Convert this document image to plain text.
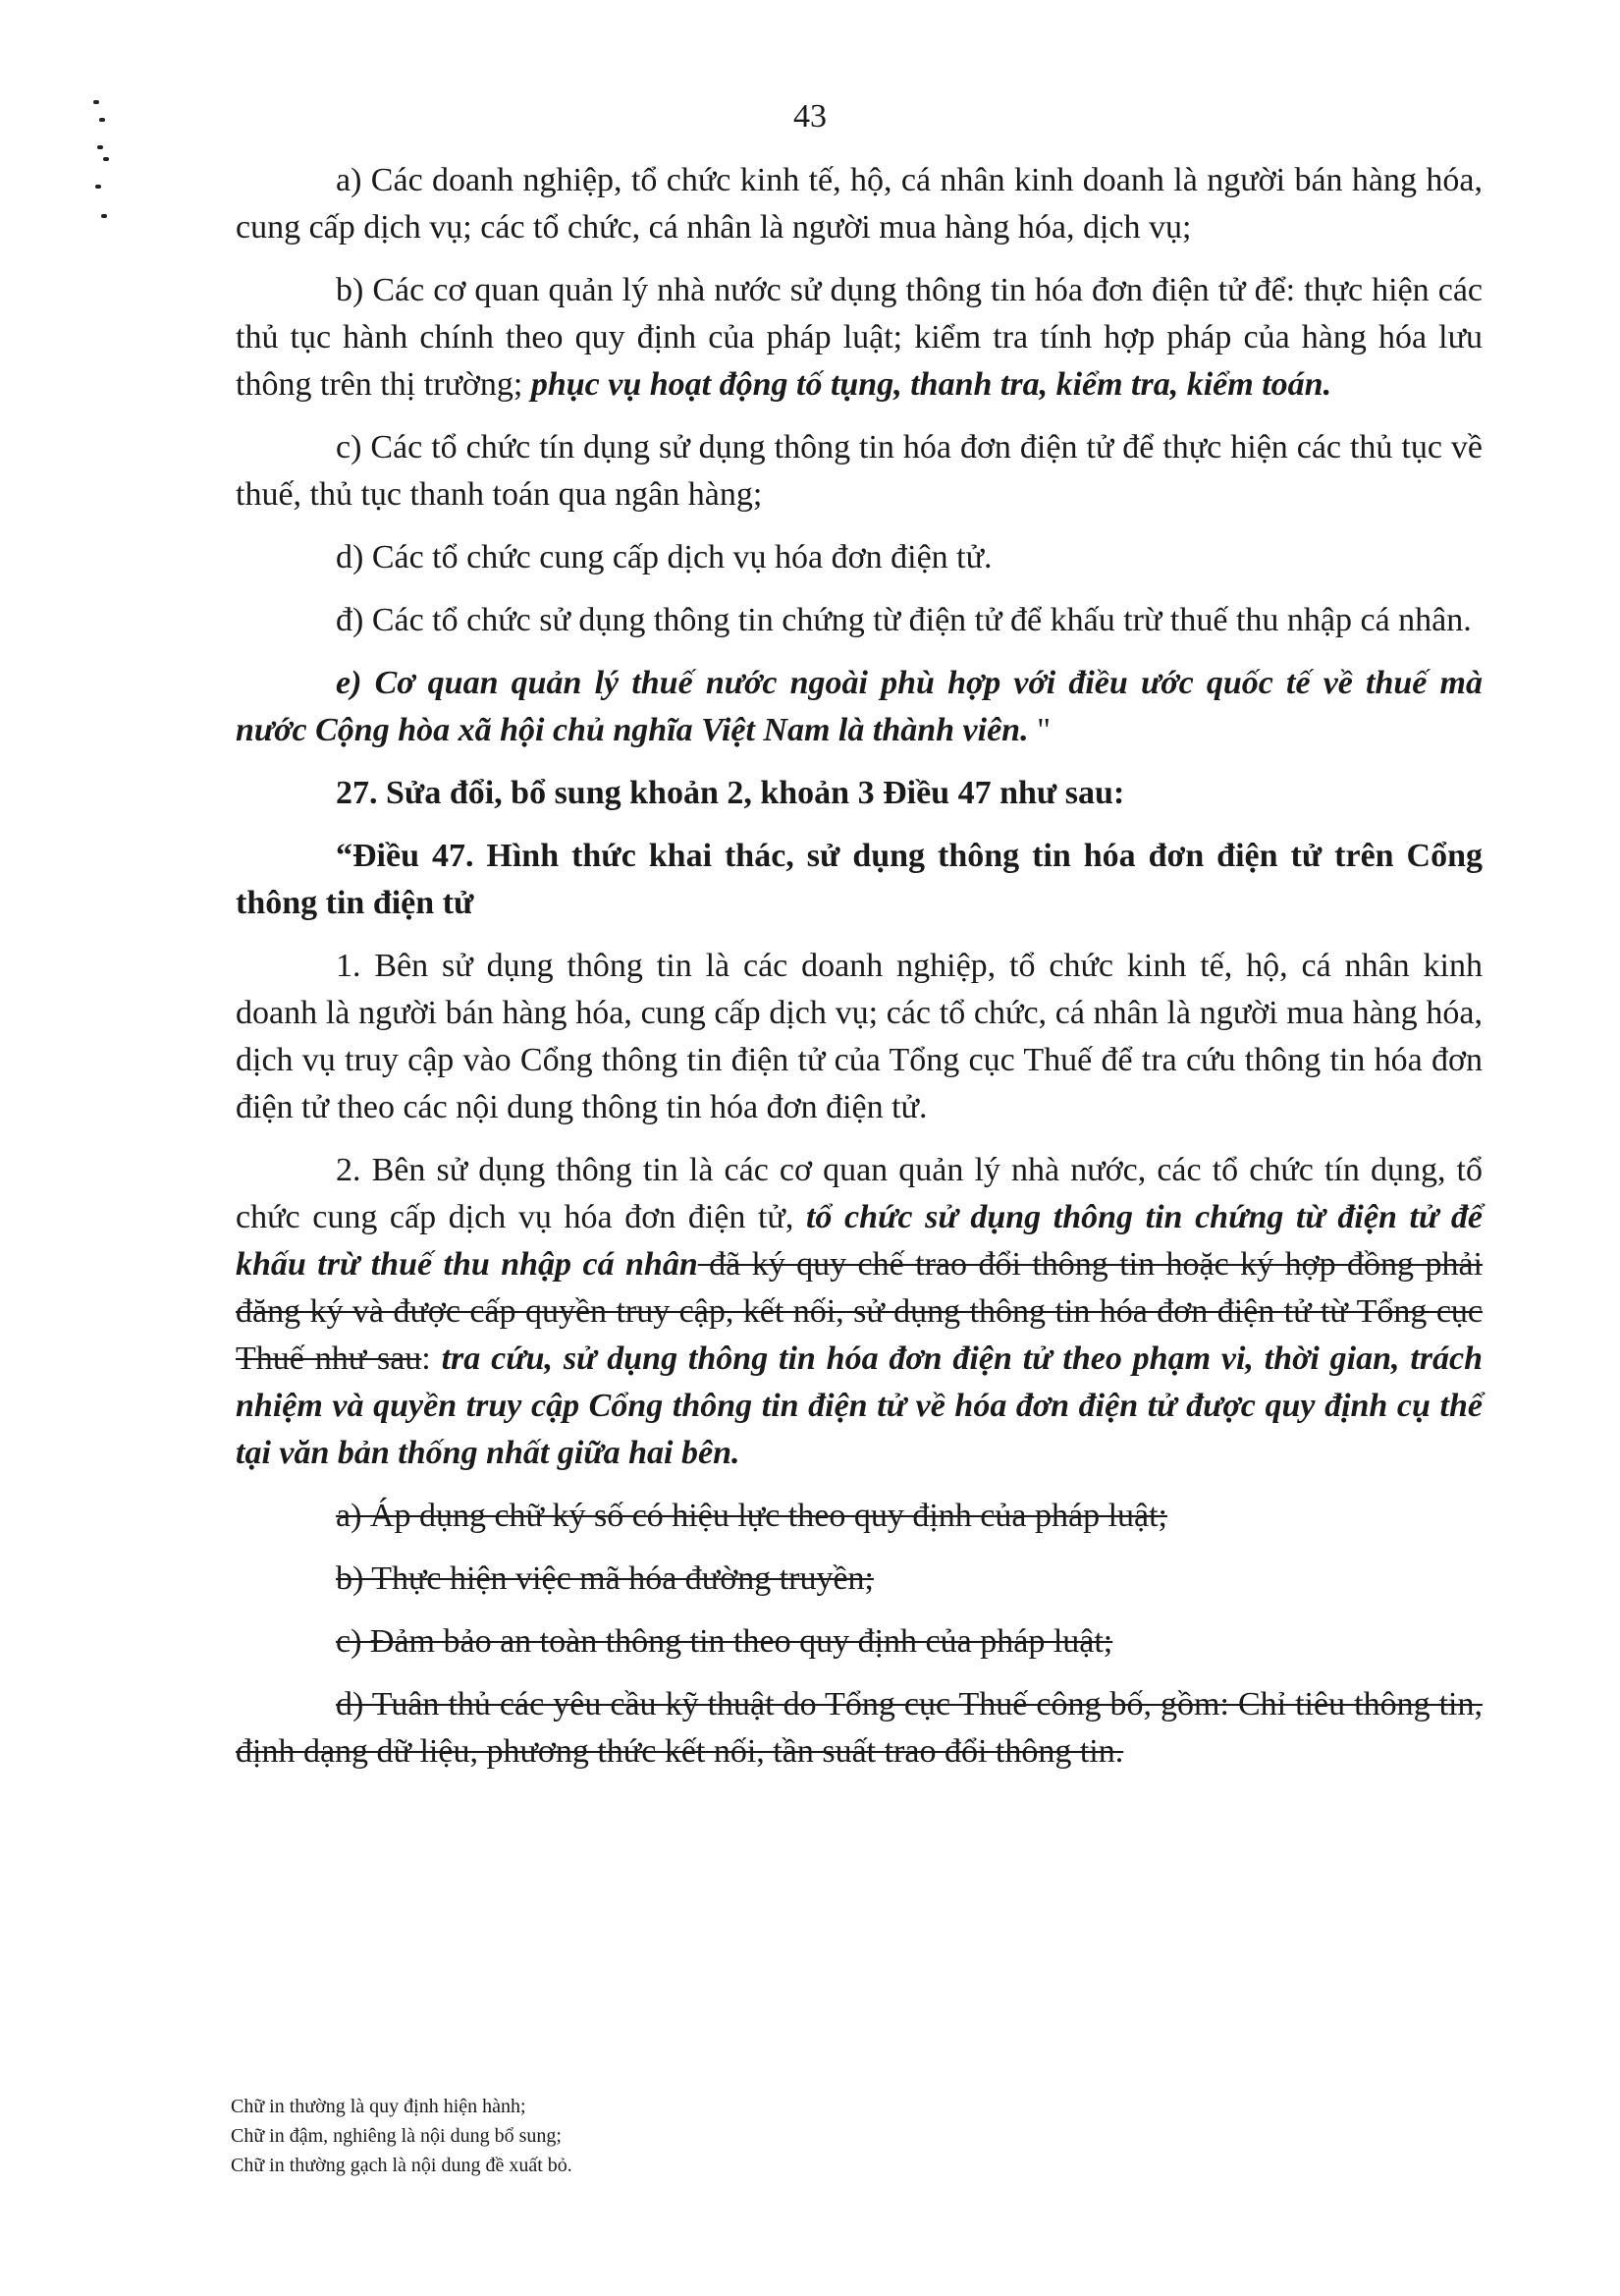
43

a) Các doanh nghiệp, tổ chức kinh tế, hộ, cá nhân kinh doanh là người bán hàng hóa, cung cấp dịch vụ; các tổ chức, cá nhân là người mua hàng hóa, dịch vụ;

b) Các cơ quan quản lý nhà nước sử dụng thông tin hóa đơn điện tử để: thực hiện các thủ tục hành chính theo quy định của pháp luật; kiểm tra tính hợp pháp của hàng hóa lưu thông trên thị trường; phục vụ hoạt động tố tụng, thanh tra, kiểm tra, kiểm toán.

c) Các tổ chức tín dụng sử dụng thông tin hóa đơn điện tử để thực hiện các thủ tục về thuế, thủ tục thanh toán qua ngân hàng;

d) Các tổ chức cung cấp dịch vụ hóa đơn điện tử.

đ) Các tổ chức sử dụng thông tin chứng từ điện tử để khấu trừ thuế thu nhập cá nhân.

e) Cơ quan quản lý thuế nước ngoài phù hợp với điều ước quốc tế về thuế mà nước Cộng hòa xã hội chủ nghĩa Việt Nam là thành viên. "

27. Sửa đổi, bổ sung khoản 2, khoản 3 Điều 47 như sau:

“Điều 47. Hình thức khai thác, sử dụng thông tin hóa đơn điện tử trên Cổng thông tin điện tử

1. Bên sử dụng thông tin là các doanh nghiệp, tổ chức kinh tế, hộ, cá nhân kinh doanh là người bán hàng hóa, cung cấp dịch vụ; các tổ chức, cá nhân là người mua hàng hóa, dịch vụ truy cập vào Cổng thông tin điện tử của Tổng cục Thuế để tra cứu thông tin hóa đơn điện tử theo các nội dung thông tin hóa đơn điện tử.

2. Bên sử dụng thông tin là các cơ quan quản lý nhà nước, các tổ chức tín dụng, tổ chức cung cấp dịch vụ hóa đơn điện tử, tổ chức sử dụng thông tin chứng từ điện tử để khấu trừ thuế thu nhập cá nhân đã ký quy chế trao đổi thông tin hoặc ký hợp đồng phải đăng ký và được cấp quyền truy cập, kết nối, sử dụng thông tin hóa đơn điện tử từ Tổng cục Thuế như sau: tra cứu, sử dụng thông tin hóa đơn điện tử theo phạm vi, thời gian, trách nhiệm và quyền truy cập Cổng thông tin điện tử về hóa đơn điện tử được quy định cụ thể tại văn bản thống nhất giữa hai bên.

a) Áp dụng chữ ký số có hiệu lực theo quy định của pháp luật;

b) Thực hiện việc mã hóa đường truyền;

c) Đảm bảo an toàn thông tin theo quy định của pháp luật;

d) Tuân thủ các yêu cầu kỹ thuật do Tổng cục Thuế công bố, gồm: Chỉ tiêu thông tin, định dạng dữ liệu, phương thức kết nối, tần suất trao đổi thông tin.

Chữ in thường là quy định hiện hành;
Chữ in đậm, nghiêng là nội dung bổ sung;
Chữ in thường gạch là nội dung đề xuất bỏ.
